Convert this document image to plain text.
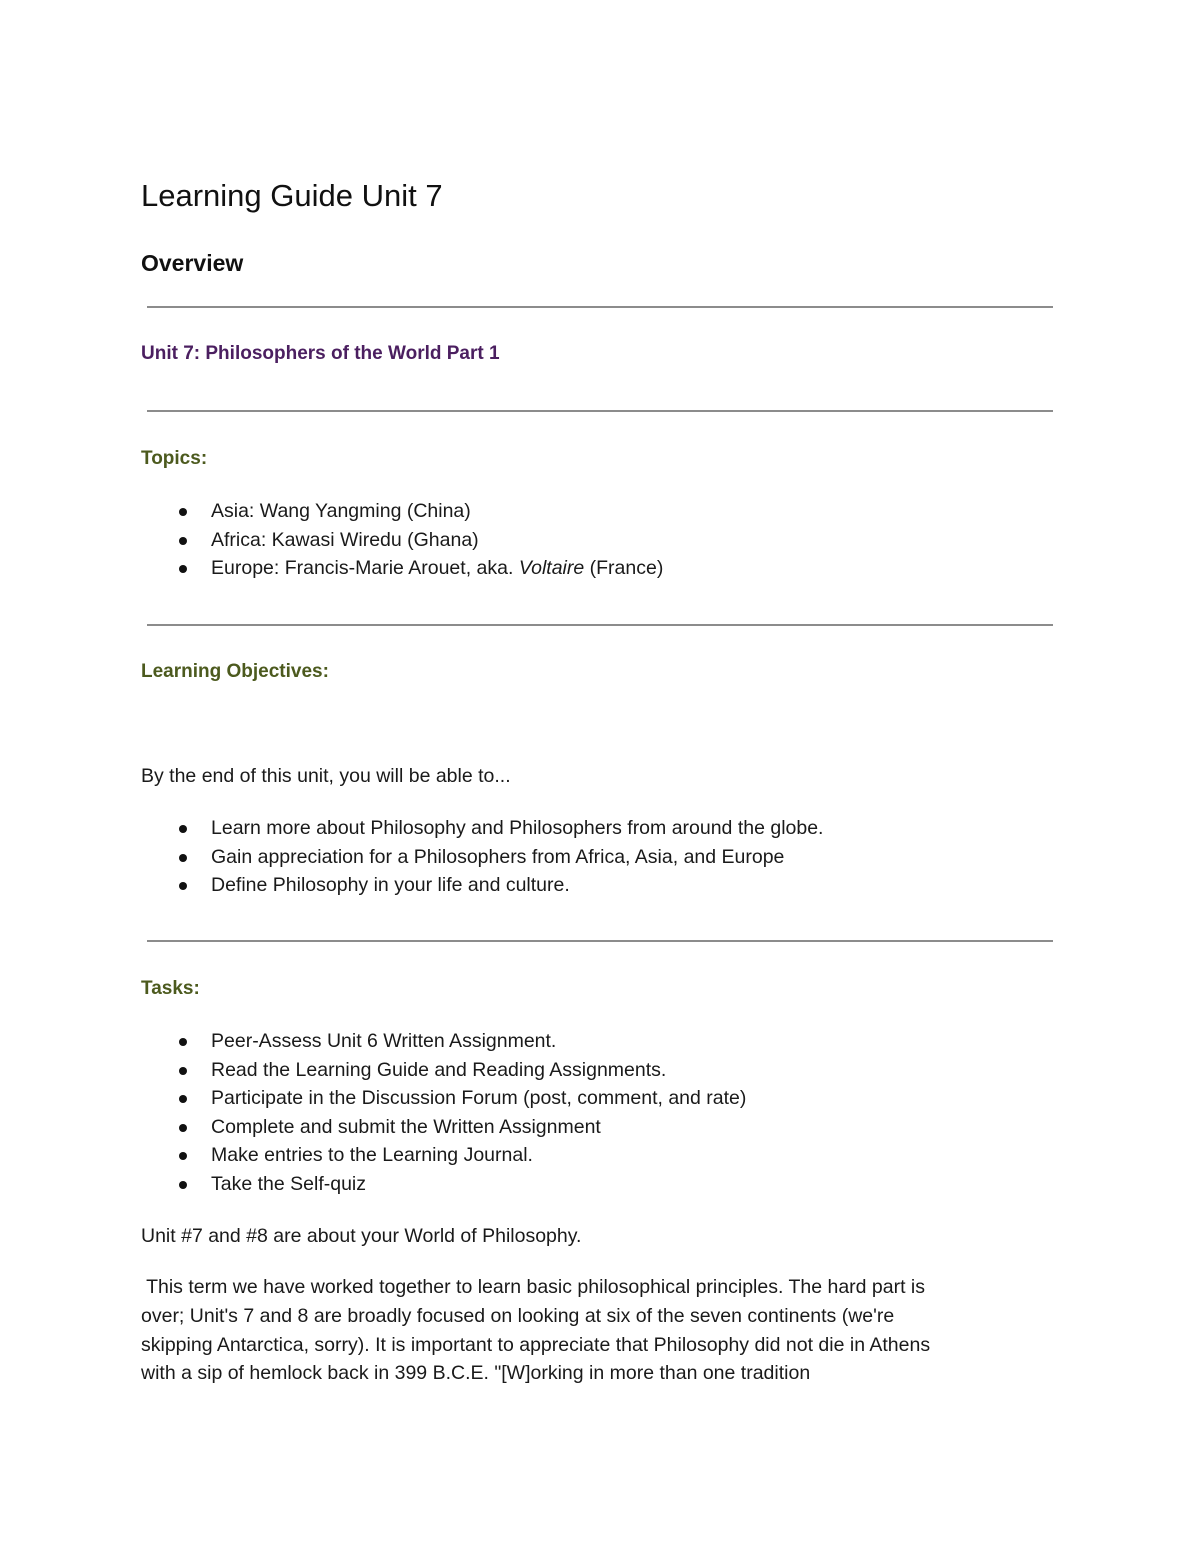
Learning Guide Unit 7
Overview
Unit 7: Philosophers of the World Part 1
Topics:
Asia: Wang Yangming (China)
Africa: Kawasi Wiredu (Ghana)
Europe: Francis-Marie Arouet, aka. Voltaire (France)
Learning Objectives:
By the end of this unit, you will be able to...
Learn more about Philosophy and Philosophers from around the globe.
Gain appreciation for a Philosophers from Africa, Asia, and Europe
Define Philosophy in your life and culture.
Tasks:
Peer-Assess Unit 6 Written Assignment.
Read the Learning Guide and Reading Assignments.
Participate in the Discussion Forum (post, comment, and rate)
Complete and submit the Written Assignment
Make entries to the Learning Journal.
Take the Self-quiz
Unit #7 and #8 are about your World of Philosophy.
This term we have worked together to learn basic philosophical principles. The hard part is
over; Unit's 7 and 8 are broadly focused on looking at six of the seven continents (we're
skipping Antarctica, sorry). It is important to appreciate that Philosophy did not die in Athens
with a sip of hemlock back in 399 B.C.E. "[W]orking in more than one tradition
